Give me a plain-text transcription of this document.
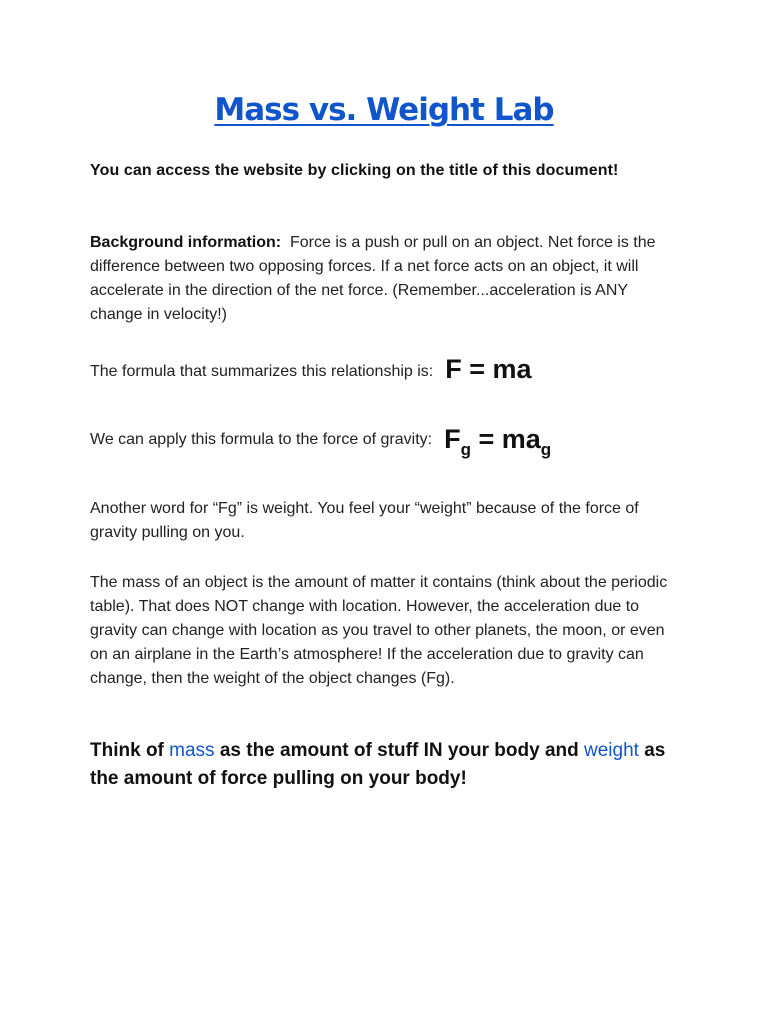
Mass vs. Weight Lab
You can access the website by clicking on the title of this document!
Background information: Force is a push or pull on an object. Net force is the difference between two opposing forces. If a net force acts on an object, it will accelerate in the direction of the net force. (Remember...acceleration is ANY change in velocity!)
The formula that summarizes this relationship is: F = ma
We can apply this formula to the force of gravity: $F_g = ma_g$
Another word for “Fg” is weight. You feel your “weight” because of the force of gravity pulling on you.
The mass of an object is the amount of matter it contains (think about the periodic table). That does NOT change with location. However, the acceleration due to gravity can change with location as you travel to other planets, the moon, or even on an airplane in the Earth’s atmosphere! If the acceleration due to gravity can change, then the weight of the object changes (Fg).
Think of mass as the amount of stuff IN your body and weight as the amount of force pulling on your body!
